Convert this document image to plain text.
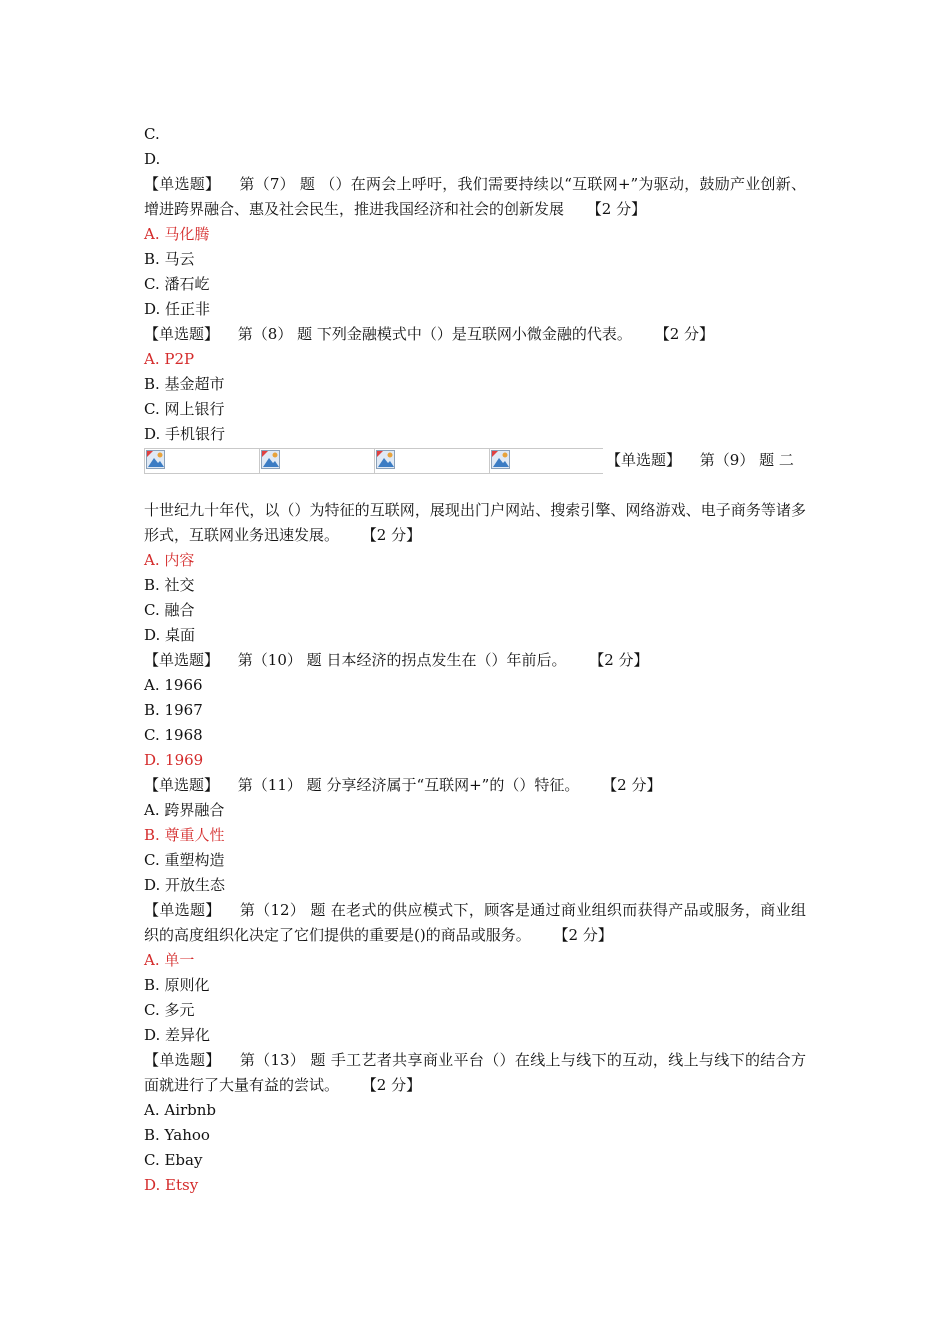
C.
D.
【单选题】 第（7） 题 （）在两会上呼吁，我们需要持续以“互联网+”为驱动，鼓励产业创新、增进跨界融合、惠及社会民生，推进我国经济和社会的创新发展 【2 分】
A. 马化腾
B. 马云
C. 潘石屹
D. 任正非
【单选题】 第（8） 题 下列金融模式中（）是互联网小微金融的代表。 【2 分】
A. P2P
B. 基金超市
C. 网上银行
D. 手机银行
【单选题】 第（9） 题 二
十世纪九十年代，以（）为特征的互联网，展现出门户网站、搜索引擎、网络游戏、电子商务等诸多形式，互联网业务迅速发展。 【2 分】
A. 内容
B. 社交
C. 融合
D. 桌面
【单选题】 第（10） 题 日本经济的拐点发生在（）年前后。 【2 分】
A. 1966
B. 1967
C. 1968
D. 1969
【单选题】 第（11） 题 分享经济属于“互联网+”的（）特征。 【2 分】
A. 跨界融合
B. 尊重人性
C. 重塑构造
D. 开放生态
【单选题】 第（12） 题 在老式的供应模式下，顾客是通过商业组织而获得产品或服务，商业组织的高度组织化决定了它们提供的重要是()的商品或服务。 【2 分】
A. 单一
B. 原则化
C. 多元
D. 差异化
【单选题】 第（13） 题 手工艺者共享商业平台（）在线上与线下的互动，线上与线下的结合方面就进行了大量有益的尝试。 【2 分】
A. Airbnb
B. Yahoo
C. Ebay
D. Etsy
